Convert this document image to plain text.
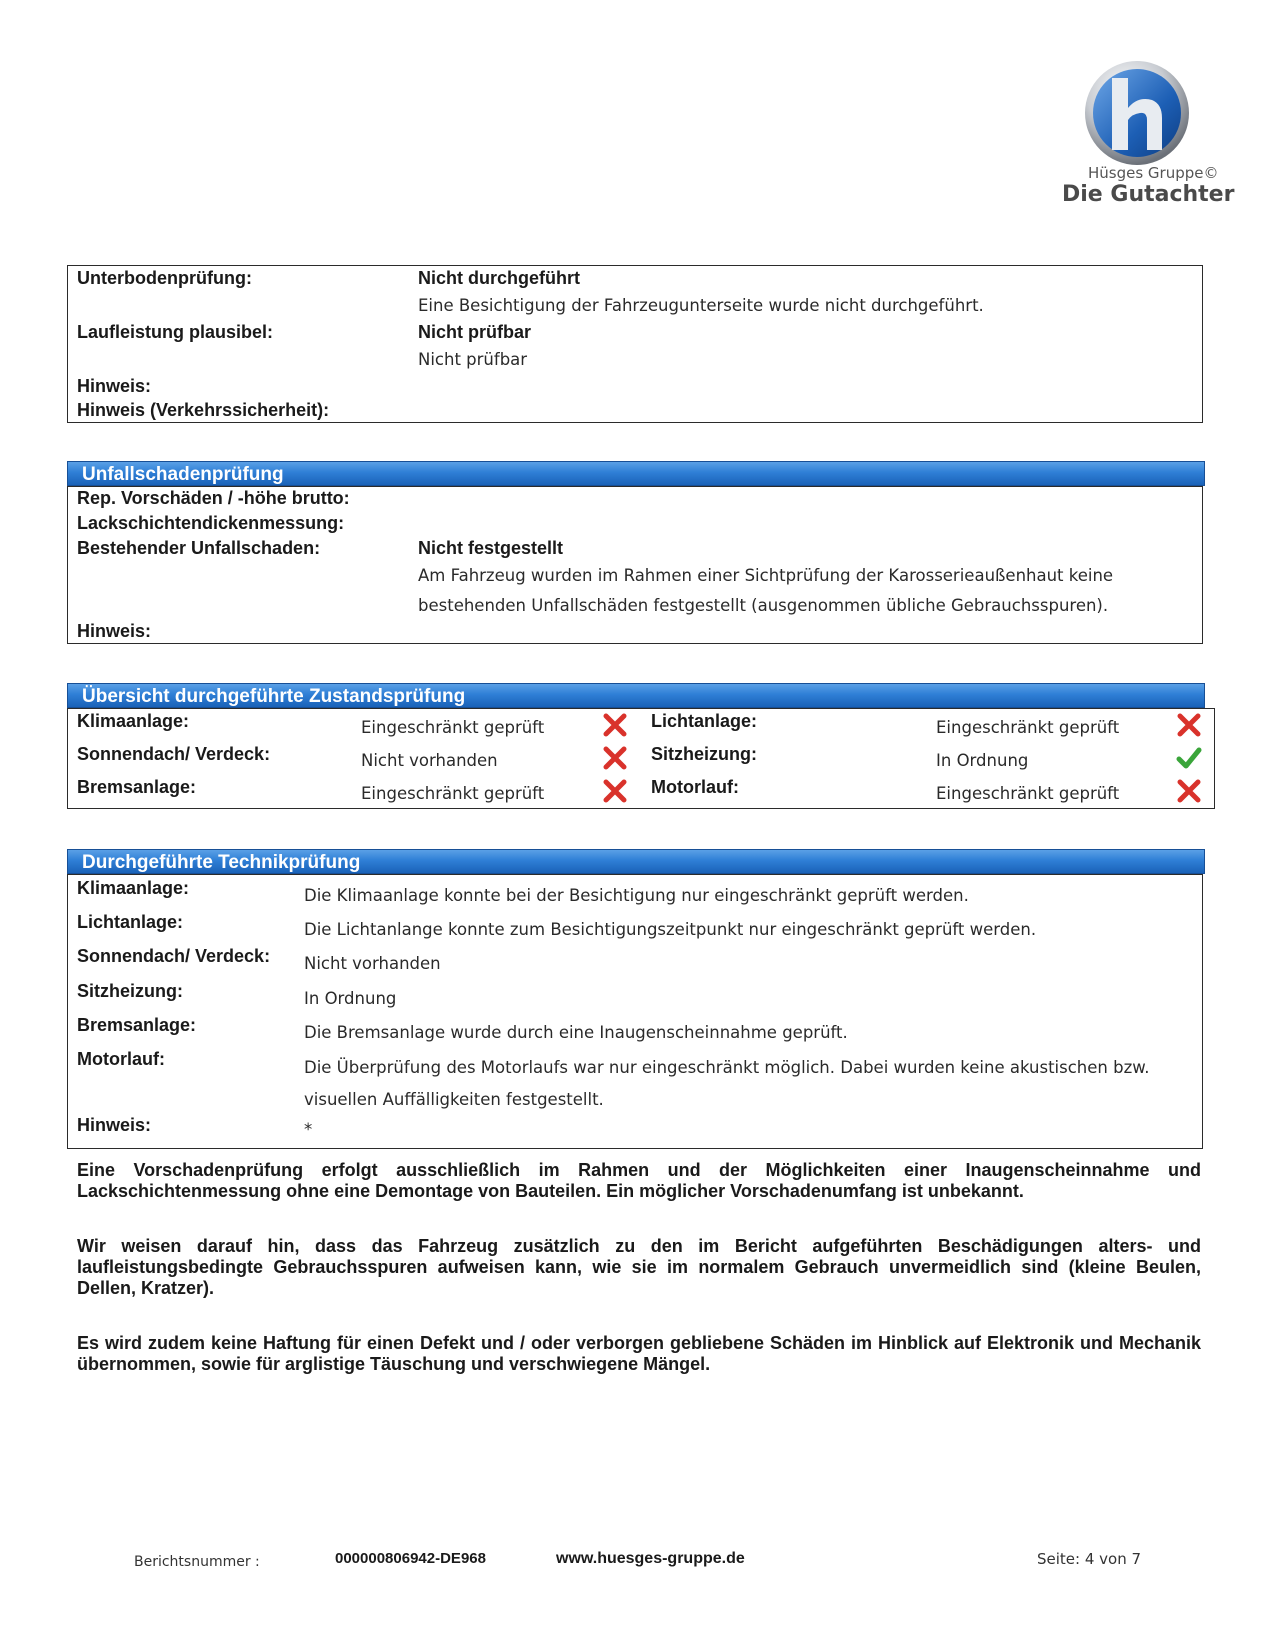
Hüsges Gruppe©
Die Gutachter
Unterbodenprüfung:	Nicht durchgeführt
Eine Besichtigung der Fahrzeugunterseite wurde nicht durchgeführt.
Laufleistung plausibel:	Nicht prüfbar
Nicht prüfbar
Hinweis:
Hinweis (Verkehrssicherheit):
Unfallschadenprüfung
Rep. Vorschäden / -höhe brutto:
Lackschichtendickenmessung:
Bestehender Unfallschaden:	Nicht festgestellt
Am Fahrzeug wurden im Rahmen einer Sichtprüfung der Karosserieaußenhaut keine
bestehenden Unfallschäden festgestellt (ausgenommen übliche Gebrauchsspuren).
Hinweis:
Übersicht durchgeführte Zustandsprüfung
Klimaanlage:	Eingeschränkt geprüft
Sonnendach/ Verdeck:	Nicht vorhanden
Bremsanlage:	Eingeschränkt geprüft
Lichtanlage:	Eingeschränkt geprüft
Sitzheizung:	In Ordnung
Motorlauf:	Eingeschränkt geprüft
Durchgeführte Technikprüfung
Klimaanlage:	Die Klimaanlage konnte bei der Besichtigung nur eingeschränkt geprüft werden.
Lichtanlage:	Die Lichtanlange konnte zum Besichtigungszeitpunkt nur eingeschränkt geprüft werden.
Sonnendach/ Verdeck: Nicht vorhanden
Sitzheizung:	In Ordnung
Bremsanlage:	Die Bremsanlage wurde durch eine Inaugenscheinnahme geprüft.
Motorlauf:	Die Überprüfung des Motorlaufs war nur eingeschränkt möglich. Dabei wurden keine akustischen bzw.
visuellen Auffälligkeiten festgestellt.
Hinweis:	*
Eine Vorschadenprüfung erfolgt ausschließlich im Rahmen und der Möglichkeiten einer Inaugenscheinnahme und Lackschichtenmessung ohne eine Demontage von Bauteilen. Ein möglicher Vorschadenumfang ist unbekannt.
Wir weisen darauf hin, dass das Fahrzeug zusätzlich zu den im Bericht aufgeführten Beschädigungen alters- und laufleistungsbedingte Gebrauchsspuren aufweisen kann, wie sie im normalem Gebrauch unvermeidlich sind (kleine Beulen, Dellen, Kratzer).
Es wird zudem keine Haftung für einen Defekt und / oder verborgen gebliebene Schäden im Hinblick auf Elektronik und Mechanik übernommen, sowie für arglistige Täuschung und verschwiegene Mängel.
Berichtsnummer :	000000806942-DE968	www.huesges-gruppe.de	Seite: 4 von 7
